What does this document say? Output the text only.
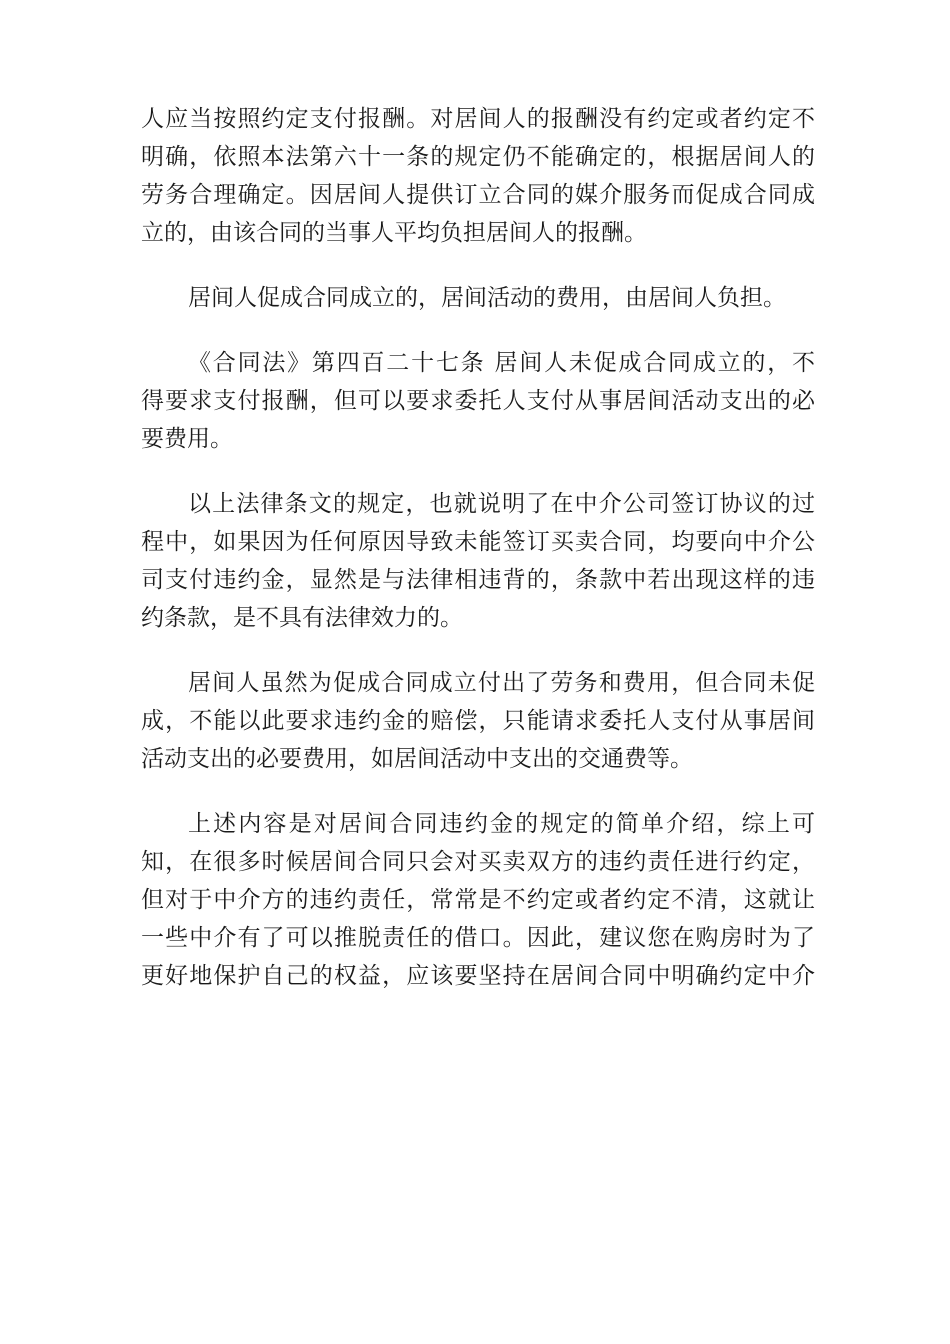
人应当按照约定支付报酬。对居间人的报酬没有约定或者约定不
明确，依照本法第六十一条的规定仍不能确定的，根据居间人的
劳务合理确定。因居间人提供订立合同的媒介服务而促成合同成
立的，由该合同的当事人平均负担居间人的报酬。
居间人促成合同成立的，居间活动的费用，由居间人负担。
《合同法》第四百二十七条 居间人未促成合同成立的，不
得要求支付报酬，但可以要求委托人支付从事居间活动支出的必
要费用。
以上法律条文的规定，也就说明了在中介公司签订协议的过
程中，如果因为任何原因导致未能签订买卖合同，均要向中介公
司支付违约金，显然是与法律相违背的，条款中若出现这样的违
约条款，是不具有法律效力的。
居间人虽然为促成合同成立付出了劳务和费用，但合同未促
成，不能以此要求违约金的赔偿，只能请求委托人支付从事居间
活动支出的必要费用，如居间活动中支出的交通费等。
上述内容是对居间合同违约金的规定的简单介绍，综上可
知，在很多时候居间合同只会对买卖双方的违约责任进行约定，
但对于中介方的违约责任，常常是不约定或者约定不清，这就让
一些中介有了可以推脱责任的借口。因此，建议您在购房时为了
更好地保护自己的权益，应该要坚持在居间合同中明确约定中介
